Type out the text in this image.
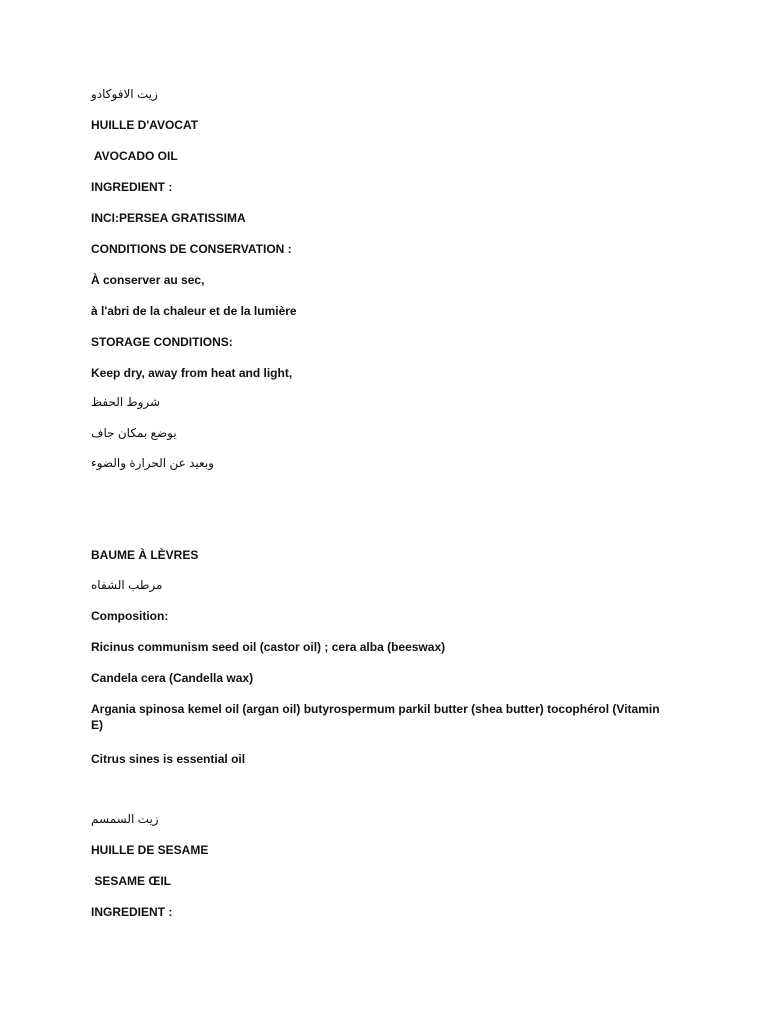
زيت الافوكادو
HUILLE D'AVOCAT
AVOCADO OIL
INGREDIENT :
INCI:PERSEA GRATISSIMA
CONDITIONS DE CONSERVATION :
À conserver au sec,
à l'abri de la chaleur et de la lumière
STORAGE CONDITIONS:
Keep dry, away from heat and light,
شروط الحفظ
يوضع بمكان جاف
وبعيد عن الحرارة والضوء
BAUME À LÈVRES
مرطب الشفاه
Composition:
Ricinus communism seed oil (castor oil) ; cera alba (beeswax)
Candela cera (Candella wax)
Argania spinosa kemel oil (argan oil) butyrospermum parkil butter (shea butter) tocophérol (Vitamin E)
Citrus sines is essential oil
زيت السمسم
HUILLE DE SESAME
SESAME ŒIL
INGREDIENT :
